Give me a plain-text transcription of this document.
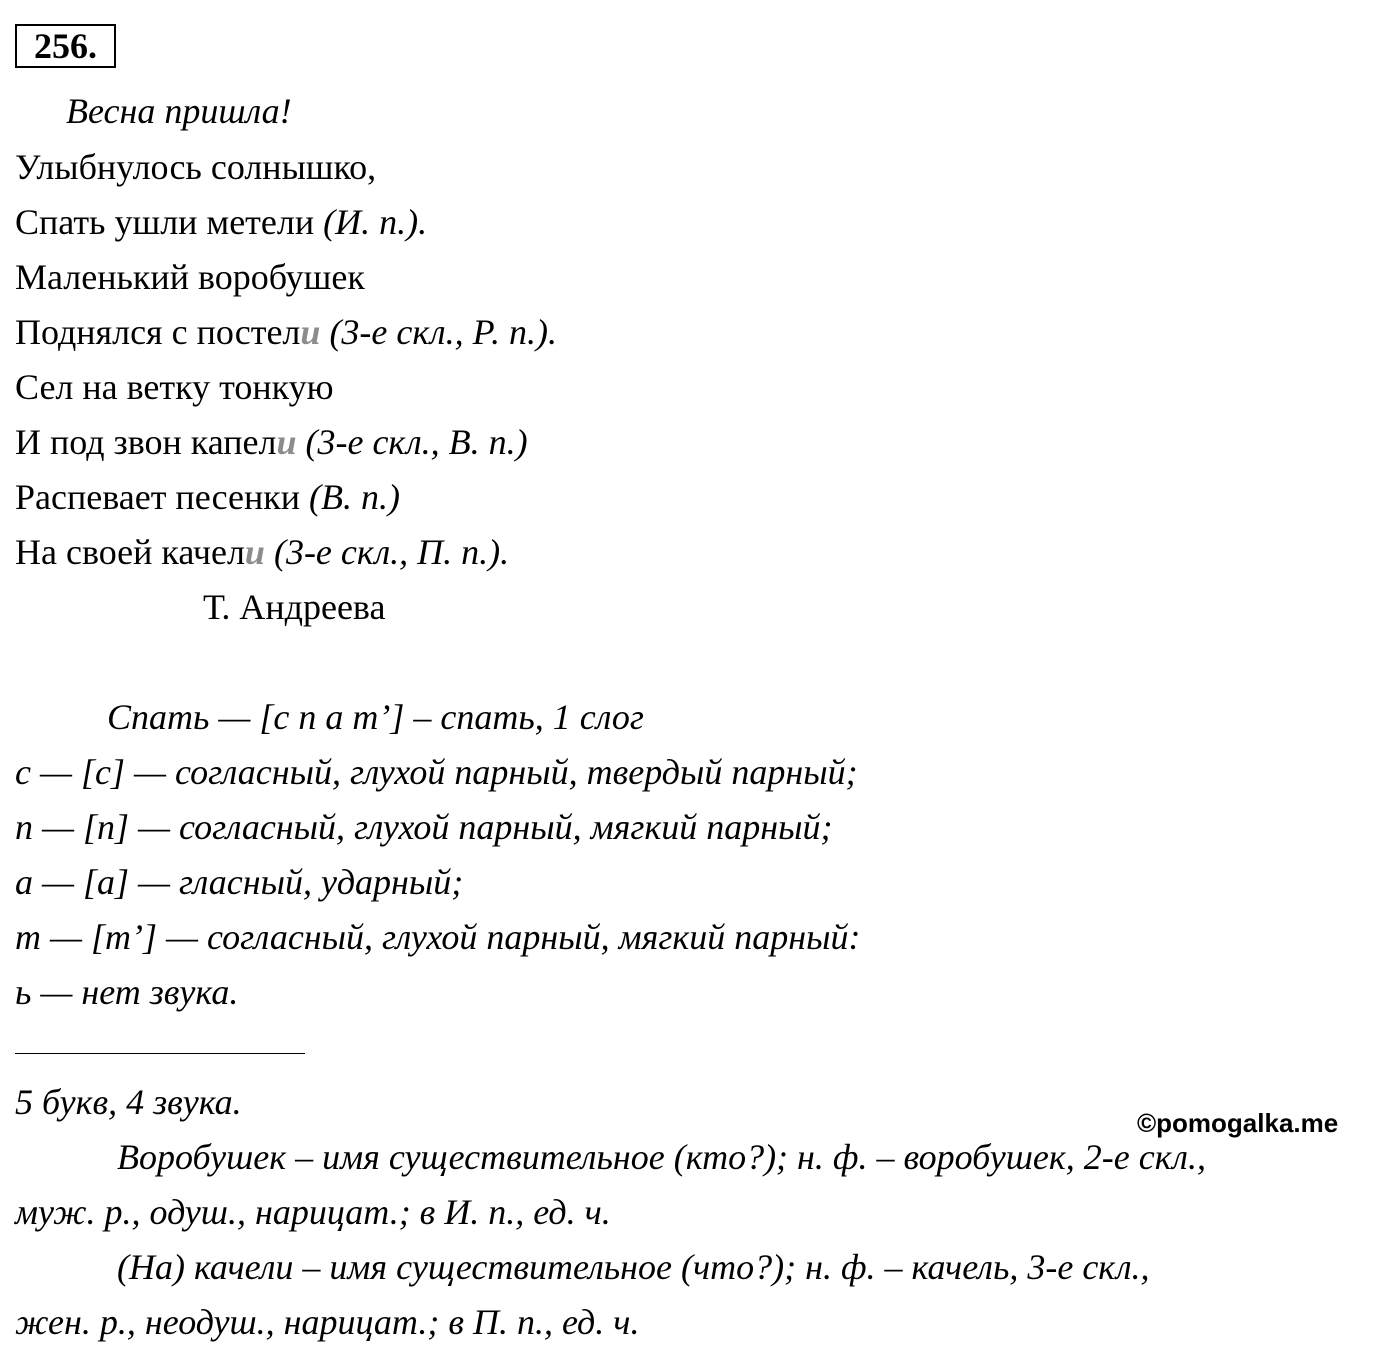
256.
Весна пришла!
Улыбнулось солнышко,
Спать ушли метели (И. п.).
Маленький воробушек
Поднялся с постели (3-е скл., Р. п.).
Сел на ветку тонкую
И под звон капели (3-е скл., В. п.)
Распевает песенки (В. п.)
На своей качели (3-е скл., П. п.).
Т. Андреева
Спать — [с п а т’] – спать, 1 слог
с — [с] — согласный, глухой парный, твердый парный;
п — [п] — согласный, глухой парный, мягкий парный;
а — [а] — гласный, ударный;
т — [т’] — согласный, глухой парный, мягкий парный:
ь — нет звука.
5 букв, 4 звука.
©pomogalka.me
Воробушек – имя существительное (кто?); н. ф. – воробушек, 2-е скл.,
муж. р., одуш., нарицат.; в И. п., ед. ч.
(На) качели – имя существительное (что?); н. ф. – качель, 3-е скл.,
жен. р., неодуш., нарицат.; в П. п., ед. ч.
